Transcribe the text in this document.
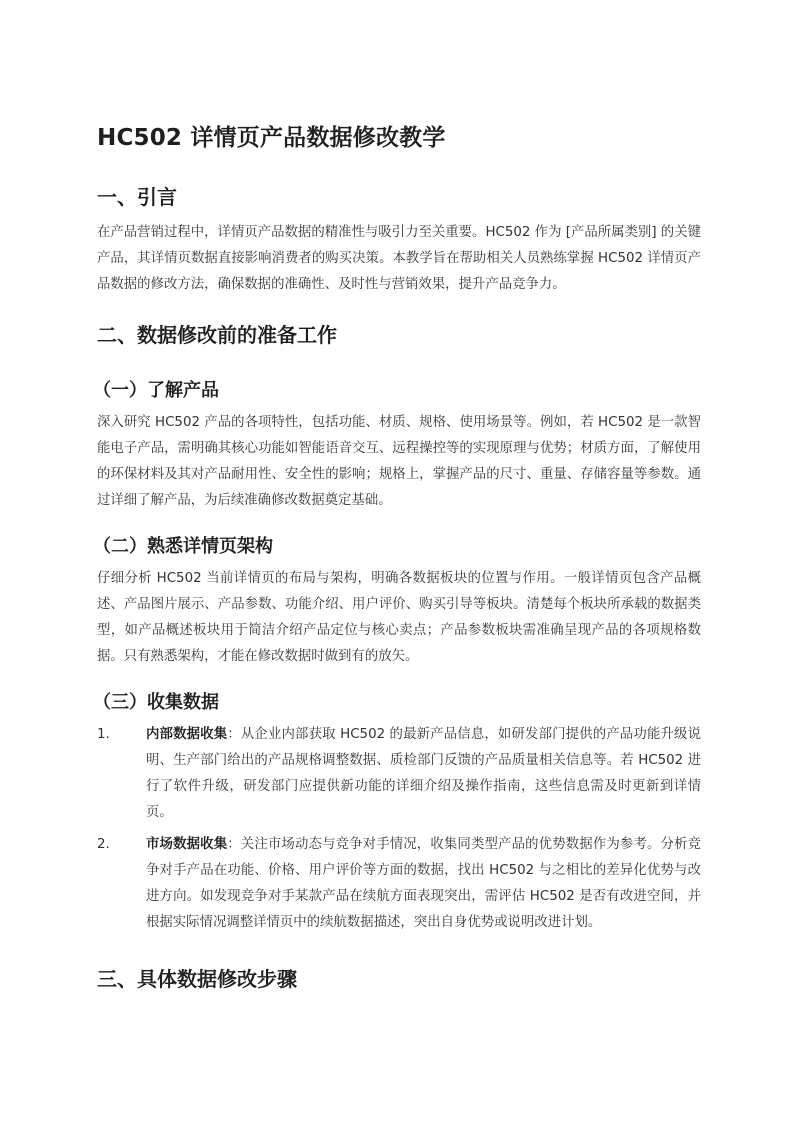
HC502 详情页产品数据修改教学
一、引言

在产品营销过程中，详情页产品数据的精准性与吸引力至关重要。HC502 作为 [产品所属类别] 的关键产品，其详情页数据直接影响消费者的购买决策。本教学旨在帮助相关人员熟练掌握 HC502 详情页产品数据的修改方法，确保数据的准确性、及时性与营销效果，提升产品竞争力。

二、数据修改前的准备工作
（一）了解产品

深入研究 HC502 产品的各项特性，包括功能、材质、规格、使用场景等。例如，若 HC502 是一款智能电子产品，需明确其核心功能如智能语音交互、远程操控等的实现原理与优势；材质方面，了解使用的环保材料及其对产品耐用性、安全性的影响；规格上，掌握产品的尺寸、重量、存储容量等参数。通过详细了解产品，为后续准确修改数据奠定基础。

（二）熟悉详情页架构

仔细分析 HC502 当前详情页的布局与架构，明确各数据板块的位置与作用。一般详情页包含产品概述、产品图片展示、产品参数、功能介绍、用户评价、购买引导等板块。清楚每个板块所承载的数据类型，如产品概述板块用于简洁介绍产品定位与核心卖点；产品参数板块需准确呈现产品的各项规格数据。只有熟悉架构，才能在修改数据时做到有的放矢。

（三）收集数据
1.	内部数据收集：从企业内部获取 HC502 的最新产品信息，如研发部门提供的产品功能升级说明、生产部门给出的产品规格调整数据、质检部门反馈的产品质量相关信息等。若 HC502 进行了软件升级，研发部门应提供新功能的详细介绍及操作指南，这些信息需及时更新到详情页。
2.	市场数据收集：关注市场动态与竞争对手情况，收集同类型产品的优势数据作为参考。分析竞争对手产品在功能、价格、用户评价等方面的数据，找出 HC502 与之相比的差异化优势与改进方向。如发现竞争对手某款产品在续航方面表现突出，需评估 HC502 是否有改进空间，并根据实际情况调整详情页中的续航数据描述，突出自身优势或说明改进计划。
三、具体数据修改步骤
